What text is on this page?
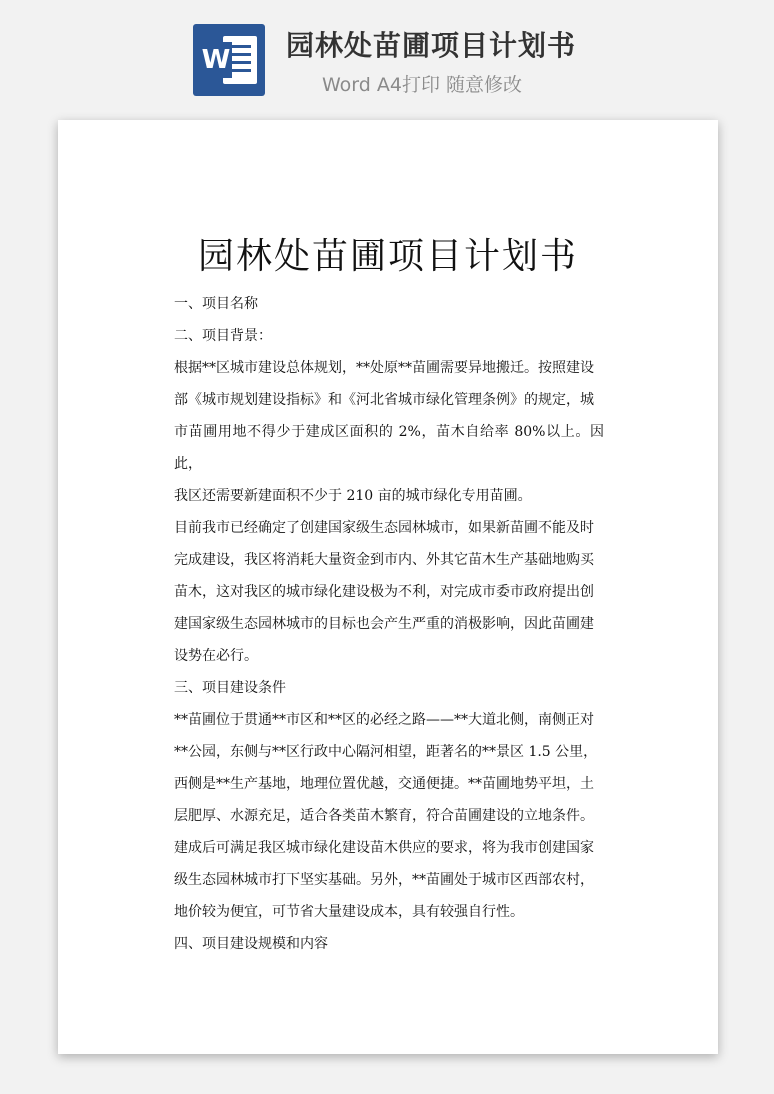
W 园林处苗圃项目计划书
Word A4打印 随意修改
园林处苗圃项目计划书

一、项目名称

二、项目背景：

根据**区城市建设总体规划，**处原**苗圃需要异地搬迁。按照建设
部《城市规划建设指标》和《河北省城市绿化管理条例》的规定，城
市苗圃用地不得少于建成区面积的 2%，苗木自给率 80%以上。因此，
我区还需要新建面积不少于 210 亩的城市绿化专用苗圃。

目前我市已经确定了创建国家级生态园林城市，如果新苗圃不能及时
完成建设，我区将消耗大量资金到市内、外其它苗木生产基础地购买
苗木，这对我区的城市绿化建设极为不利，对完成市委市政府提出创
建国家级生态园林城市的目标也会产生严重的消极影响，因此苗圃建
设势在必行。

三、项目建设条件

**苗圃位于贯通**市区和**区的必经之路——**大道北侧，南侧正对
**公园，东侧与**区行政中心隔河相望，距著名的**景区 1.5 公里，
西侧是**生产基地，地理位置优越，交通便捷。**苗圃地势平坦，土
层肥厚、水源充足，适合各类苗木繁育，符合苗圃建设的立地条件。
建成后可满足我区城市绿化建设苗木供应的要求，将为我市创建国家
级生态园林城市打下坚实基础。另外，**苗圃处于城市区西部农村，
地价较为便宜，可节省大量建设成本，具有较强自行性。

四、项目建设规模和内容
